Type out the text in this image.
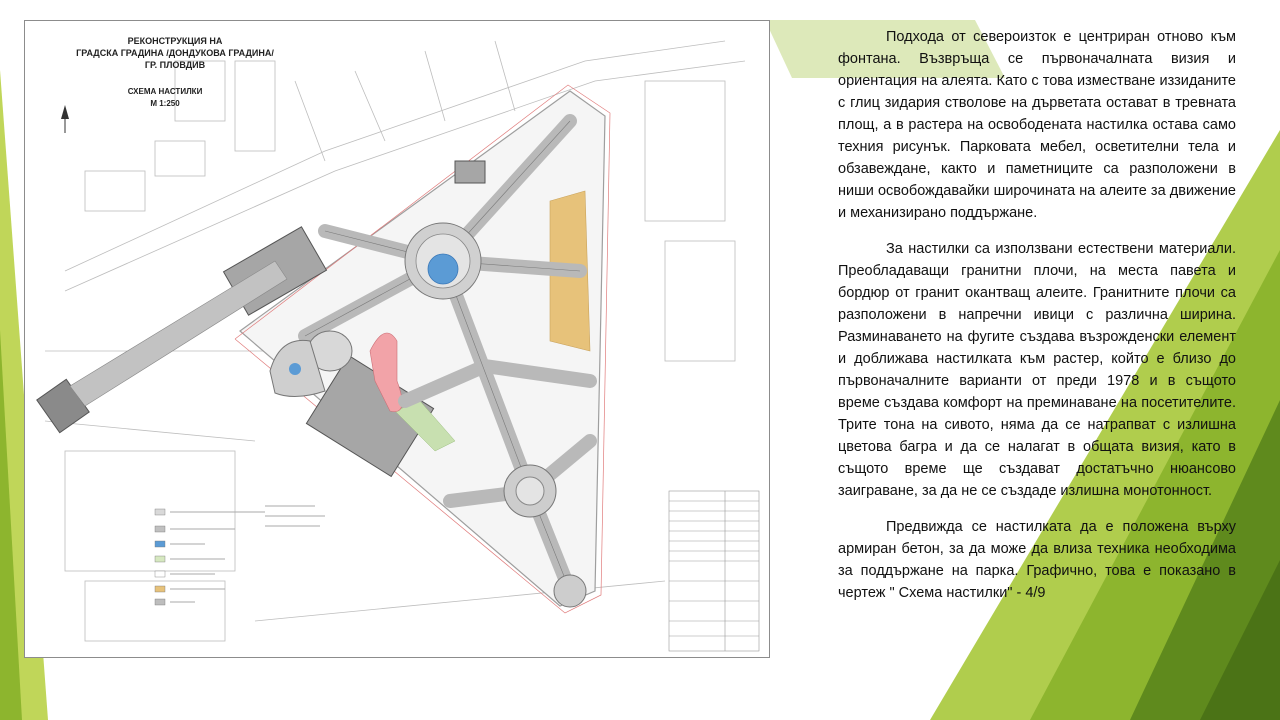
РЕКОНСТРУКЦИЯ НА
ГРАДСКА ГРАДИНА /ДОНДУКОВА ГРАДИНА/
ГР. ПЛОВДИВ
СХЕМА НАСТИЛКИ
М 1:250

Подхода от североизток е центриран отново към фонтана. Възвръща се първоначалната визия и ориентация на алеята. Като с това изместване иззиданите с глиц зидария стволове на дърветата остават в тревната площ, а в растера на освободената настилка остава само техния рисунък. Парковата мебел, осветителни тела и обзавеждане, както и паметниците са разположени в ниши освобождавайки широчината на алеите за движение и механизирано поддържане.

За настилки са използвани естествени материали. Преобладаващи гранитни плочи, на места павета и бордюр от гранит окантващ алеите. Гранитните плочи са разположени в напречни ивици с различна ширина. Разминаването на фугите създава възрожденски елемент и доближава настилката към растер, който е близо до първоначалните варианти от преди 1978 и в същото време създава комфорт на преминаване на посетителите. Трите тона на сивото, няма да се натрапват с излишна цветова багра и да се налагат в общата визия, като в същото време ще създават достатъчно нюансово заиграване, за да не се създаде излишна монотонност.

Предвижда се настилката да е положена върху армиран бетон, за да може да влиза техника необходима за поддържане на парка. Графично, това е показано в чертеж " Схема настилки" - 4/9
